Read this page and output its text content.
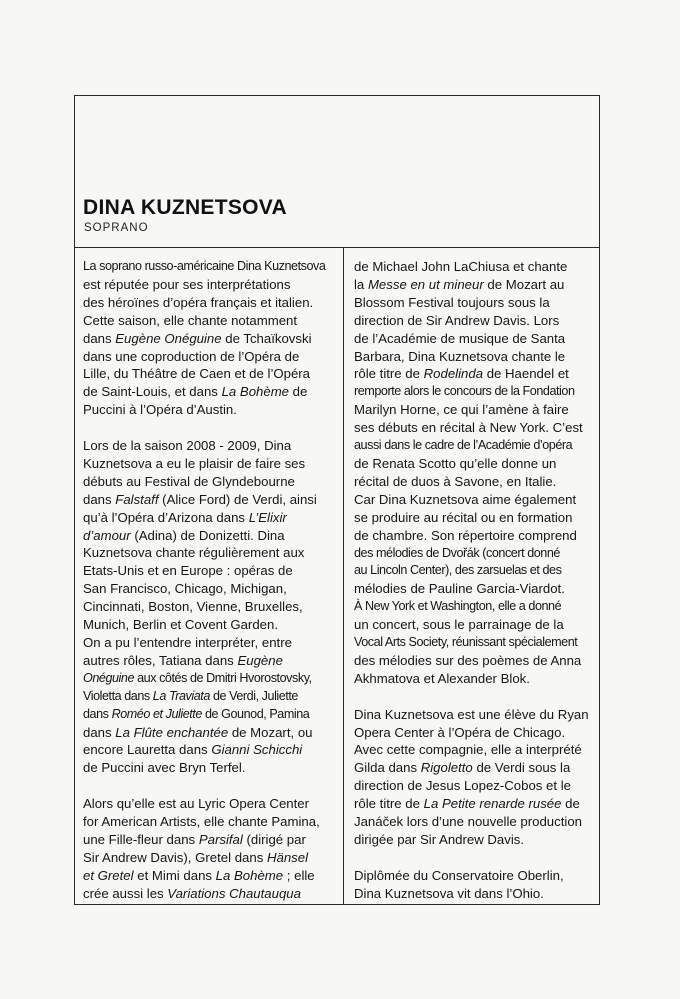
DINA KUZNETSOVA
SOPRANO

La soprano russo-américaine Dina Kuznetsova
est réputée pour ses interprétations
des héroïnes d’opéra français et italien.
Cette saison, elle chante notamment
dans Eugène Onéguine de Tchaïkovski
dans une coproduction de l’Opéra de
Lille, du Théâtre de Caen et de l’Opéra
de Saint-Louis, et dans La Bohème de
Puccini à l’Opéra d’Austin.

Lors de la saison 2008 - 2009, Dina
Kuznetsova a eu le plaisir de faire ses
débuts au Festival de Glyndebourne
dans Falstaff (Alice Ford) de Verdi, ainsi
qu’à l’Opéra d’Arizona dans L’Elixir
d’amour (Adina) de Donizetti. Dina
Kuznetsova chante régulièrement aux
Etats-Unis et en Europe : opéras de
San Francisco, Chicago, Michigan,
Cincinnati, Boston, Vienne, Bruxelles,
Munich, Berlin et Covent Garden.
On a pu l’entendre interpréter, entre
autres rôles, Tatiana dans Eugène
Onéguine aux côtés de Dmitri Hvorostovsky,
Violetta dans La Traviata de Verdi, Juliette
dans Roméo et Juliette de Gounod, Pamina
dans La Flûte enchantée de Mozart, ou
encore Lauretta dans Gianni Schicchi
de Puccini avec Bryn Terfel.

Alors qu’elle est au Lyric Opera Center
for American Artists, elle chante Pamina,
une Fille-fleur dans Parsifal (dirigé par
Sir Andrew Davis), Gretel dans Hänsel
et Gretel et Mimi dans La Bohème ; elle
crée aussi les Variations Chautauqua

de Michael John LaChiusa et chante
la Messe en ut mineur de Mozart au
Blossom Festival toujours sous la
direction de Sir Andrew Davis. Lors
de l’Académie de musique de Santa
Barbara, Dina Kuznetsova chante le
rôle titre de Rodelinda de Haendel et
remporte alors le concours de la Fondation
Marilyn Horne, ce qui l’amène à faire
ses débuts en récital à New York. C’est
aussi dans le cadre de l’Académie d’opéra
de Renata Scotto qu’elle donne un
récital de duos à Savone, en Italie.
Car Dina Kuznetsova aime également
se produire au récital ou en formation
de chambre. Son répertoire comprend
des mélodies de Dvořák (concert donné
au Lincoln Center), des zarsuelas et des
mélodies de Pauline Garcia-Viardot.
À New York et Washington, elle a donné
un concert, sous le parrainage de la
Vocal Arts Society, réunissant spécialement
des mélodies sur des poèmes de Anna
Akhmatova et Alexander Blok.

Dina Kuznetsova est une élève du Ryan
Opera Center à l’Opéra de Chicago.
Avec cette compagnie, elle a interprété
Gilda dans Rigoletto de Verdi sous la
direction de Jesus Lopez-Cobos et le
rôle titre de La Petite renarde rusée de
Janáček lors d’une nouvelle production
dirigée par Sir Andrew Davis.

Diplômée du Conservatoire Oberlin,
Dina Kuznetsova vit dans l’Ohio.
